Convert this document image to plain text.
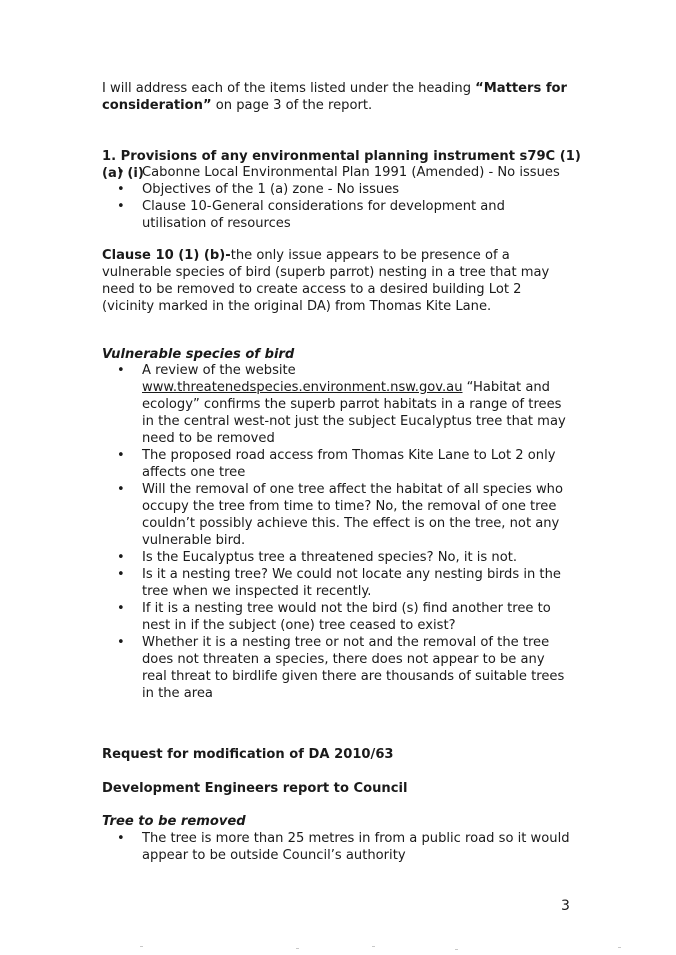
I will address each of the items listed under the heading “Matters for consideration” on page 3 of the report.
1. Provisions of any environmental planning instrument s79C (1) (a) (i)
• Cabonne Local Environmental Plan 1991 (Amended) - No issues
• Objectives of the 1 (a) zone - No issues
• Clause 10-General considerations for development and utilisation of resources
Clause 10 (1) (b)-the only issue appears to be presence of a vulnerable species of bird (superb parrot) nesting in a tree that may need to be removed to create access to a desired building Lot 2 (vicinity marked in the original DA) from Thomas Kite Lane.
Vulnerable species of bird
• A review of the website
www.threatenedspecies.environment.nsw.gov.au “Habitat and ecology” confirms the superb parrot habitats in a range of trees in the central west-not just the subject Eucalyptus tree that may need to be removed
• The proposed road access from Thomas Kite Lane to Lot 2 only affects one tree
• Will the removal of one tree affect the habitat of all species who occupy the tree from time to time? No, the removal of one tree couldn’t possibly achieve this. The effect is on the tree, not any vulnerable bird.
• Is the Eucalyptus tree a threatened species? No, it is not.
• Is it a nesting tree? We could not locate any nesting birds in the tree when we inspected it recently.
• If it is a nesting tree would not the bird (s) find another tree to nest in if the subject (one) tree ceased to exist?
• Whether it is a nesting tree or not and the removal of the tree does not threaten a species, there does not appear to be any real threat to birdlife given there are thousands of suitable trees in the area
Request for modification of DA 2010/63
Development Engineers report to Council
Tree to be removed
• The tree is more than 25 metres in from a public road so it would appear to be outside Council’s authority
3
